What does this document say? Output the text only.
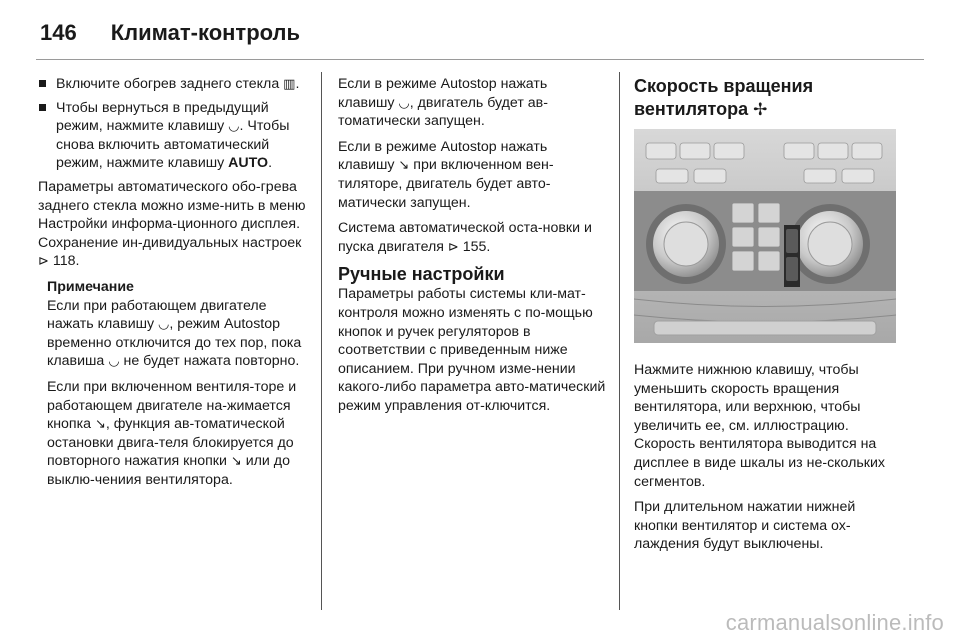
146 Климат-контроль
Включите обогрев заднего стекла ▥.
Чтобы вернуться в предыдущий режим, нажмите клавишу ◡. Чтобы снова включить автоматический режим, нажмите клавишу AUTO.

Параметры автоматического обо-грева заднего стекла можно изме-нить в меню Настройки информа-ционного дисплея. Сохранение ин-дивидуальных настроек ⊳ 118.

Примечание

Если при работающем двигателе нажать клавишу ◡, режим Autostop временно отключится до тех пор, пока клавиша ◡ не будет нажата повторно.

Если при включенном вентиля-торе и работающем двигателе на-жимается кнопка ↘, функция ав-томатической остановки двига-теля блокируется до повторного нажатия кнопки ↘ или до выклю-чениия вентилятора.

Если в режиме Autostop нажать клавишу ◡, двигатель будет ав-томатически запущен.

Если в режиме Autostop нажать клавишу ↘ при включенном вен-тиляторе, двигатель будет авто-матически запущен.

Система автоматической оста-новки и пуска двигателя ⊳ 155.

Ручные настройки

Параметры работы системы кли-мат-контроля можно изменять с по-мощью кнопок и ручек регуляторов в соответствии с приведенным ниже описанием. При ручном изме-нении какого-либо параметра авто-матический режим управления от-ключится.

Скорость вращения вентилятора ✢

Нажмите нижнюю клавишу, чтобы уменьшить скорость вращения вентилятора, или верхнюю, чтобы увеличить ее, см. иллюстрацию. Скорость вентилятора выводится на дисплее в виде шкалы из не-скольких сегментов.

При длительном нажатии нижней кнопки вентилятор и система ох-лаждения будут выключены.

carmanualsonline.info
